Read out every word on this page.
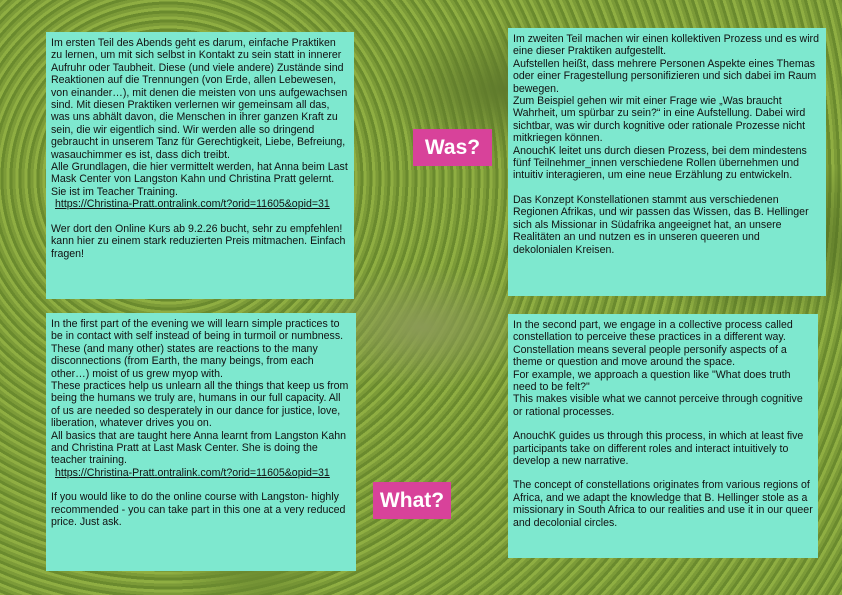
Im ersten Teil des Abends geht es darum, einfache Praktiken zu lernen, um mit sich selbst in Kontakt zu sein statt in innerer Aufruhr oder Taubheit. Diese (und viele andere) Zustände sind Reaktionen auf die Trennungen (von Erde, allen Lebewesen, von einander…), mit denen die meisten von uns aufgewachsen sind. Mit diesen Praktiken verlernen wir gemeinsam all das, was uns abhält davon, die Menschen in ihrer ganzen Kraft zu sein, die wir eigentlich sind. Wir werden alle so dringend gebraucht in unserem Tanz für Gerechtigkeit, Liebe, Befreiung, wasauchimmer es ist, dass dich treibt.

Alle Grundlagen, die hier vermittelt werden, hat Anna beim Last Mask Center von Langston Kahn und Christina Pratt gelernt. Sie ist im Teacher Training.

https://Christina-Pratt.ontralink.com/t?orid=11605&opid=31

Wer dort den Online Kurs ab 9.2.26 bucht, sehr zu empfehlen! kann hier zu einem stark reduzierten Preis mitmachen. Einfach fragen!

Im zweiten Teil machen wir einen kollektiven Prozess und es wird eine dieser Praktiken aufgestellt.

Aufstellen heißt, dass mehrere Personen Aspekte eines Themas oder einer Fragestellung personifizieren und sich dabei im Raum bewegen.

Zum Beispiel gehen wir mit einer Frage wie „Was braucht Wahrheit, um spürbar zu sein?“ in eine Aufstellung. Dabei wird sichtbar, was wir durch kognitive oder rationale Prozesse nicht mitkriegen können.

AnouchK leitet uns durch diesen Prozess, bei dem mindestens fünf Teilnehmer_innen verschiedene Rollen übernehmen und intuitiv interagieren, um eine neue Erzählung zu entwickeln.

Das Konzept Konstellationen stammt aus verschiedenen Regionen Afrikas, und wir passen das Wissen, das B. Hellinger sich als Missionar in Südafrika angeeignet hat, an unsere Realitäten an und nutzen es in unseren queeren und dekolonialen Kreisen.

Was?

In the first part of the evening we will learn simple practices to be in contact with self instead of being in turmoil or numbness. These (and many other) states are reactions to the many disconnections (from Earth, the many beings, from each other…) moist of us grew myop with.

These practices help us unlearn all the things that keep us from being the humans we truly are, humans in our full capacity. All of us are needed so desperately in our dance for justice, love, liberation, whatever drives you on.

All basics that are taught here Anna learnt from Langston Kahn and Christina Pratt at Last Mask Center. She is doing the teacher training.

https://Christina-Pratt.ontralink.com/t?orid=11605&opid=31

If you would like to do the online course with Langston- highly recommended - you can take part in this one at a very reduced price. Just ask.

In the second part, we engage in a collective process called constellation to perceive these practices in a different way.

Constellation means several people personify aspects of a theme or question and move around the space.

For example, we approach a question like "What does truth need to be felt?"

This makes visible what we cannot perceive through cognitive or rational processes.

AnouchK guides us through this process, in which at least five participants take on different roles and interact intuitively to develop a new narrative.

The concept of constellations originates from various regions of Africa, and we adapt the knowledge that B. Hellinger stole as a missionary in South Africa to our realities and use it in our queer and decolonial circles.

What?
